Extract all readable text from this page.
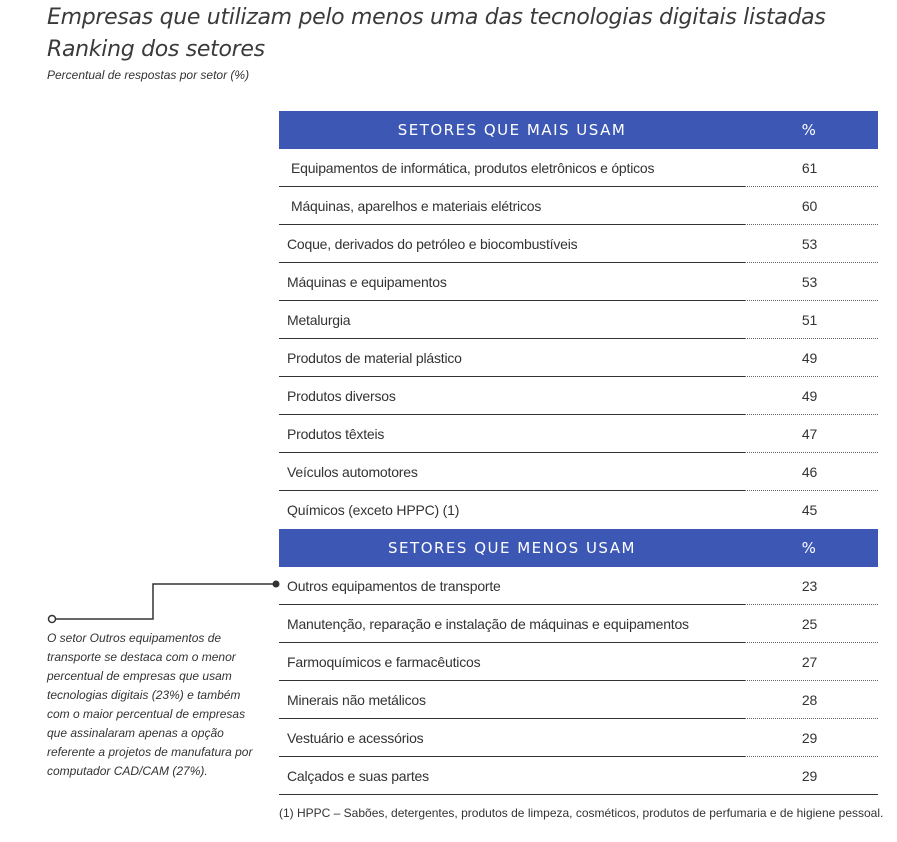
Empresas que utilizam pelo menos uma das tecnologias digitais listadas
Ranking dos setores

Percentual de respostas por setor (%)

SETORES QUE MAIS USAM	%
Equipamentos de informática, produtos eletrônicos e ópticos	61
Máquinas, aparelhos e materiais elétricos	60
Coque, derivados do petróleo e biocombustíveis	53
Máquinas e equipamentos	53
Metalurgia	51
Produtos de material plástico	49
Produtos diversos	49
Produtos têxteis	47
Veículos automotores	46
Químicos (exceto HPPC) (1)	45
SETORES QUE MENOS USAM	%
Outros equipamentos de transporte	23
Manutenção, reparação e instalação de máquinas e equipamentos	25
Farmoquímicos e farmacêuticos	27
Minerais não metálicos	28
Vestuário e acessórios	29
Calçados e suas partes	29

(1) HPPC – Sabões, detergentes, produtos de limpeza, cosméticos, produtos de perfumaria e de higiene pessoal.

O setor Outros equipamentos de transporte se destaca com o menor percentual de empresas que usam tecnologias digitais (23%) e também com o maior percentual de empresas que assinalaram apenas a opção referente a projetos de manufatura por computador CAD/CAM (27%).
